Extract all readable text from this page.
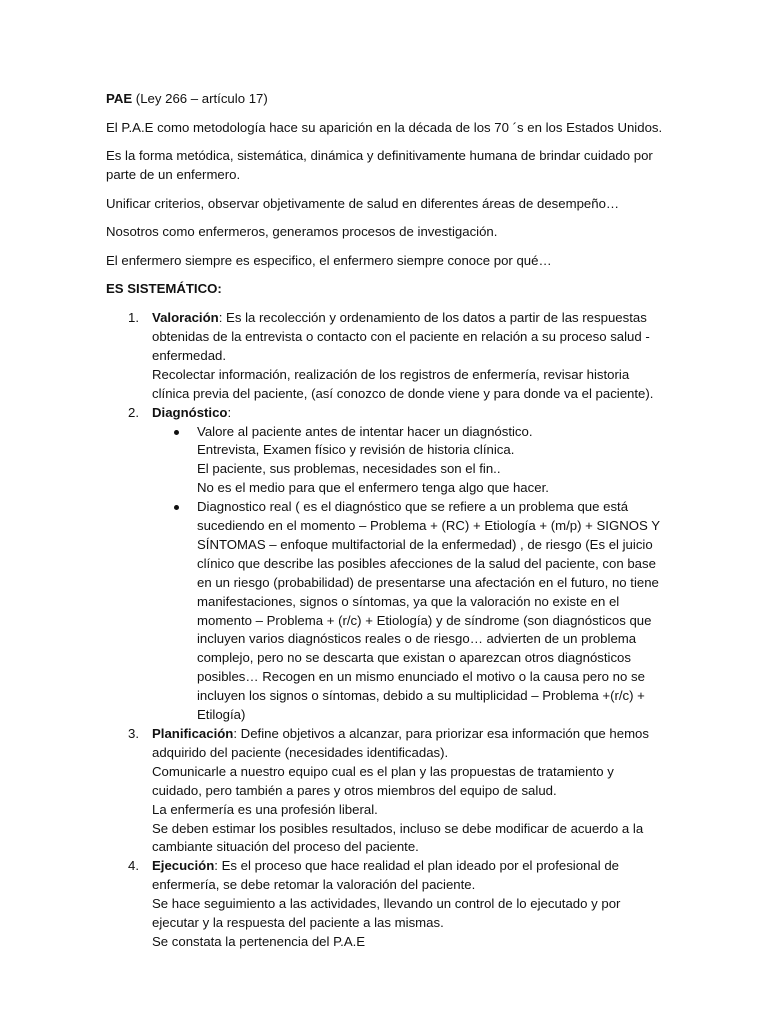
PAE (Ley 266 – artículo 17)

El P.A.E como metodología hace su aparición en la década de los 70 ´s en los Estados Unidos.

Es la forma metódica, sistemática, dinámica y definitivamente humana de brindar cuidado por parte de un enfermero.

Unificar criterios, observar objetivamente de salud en diferentes áreas de desempeño…

Nosotros como enfermeros, generamos procesos de investigación.

El enfermero siempre es especifico, el enfermero siempre conoce por qué…

ES SISTEMÁTICO:

1. Valoración: Es la recolección y ordenamiento de los datos a partir de las respuestas obtenidas de la entrevista o contacto con el paciente en relación a su proceso salud - enfermedad.
Recolectar información, realización de los registros de enfermería, revisar historia clínica previa del paciente, (así conozco de donde viene y para donde va el paciente).
2. Diagnóstico:
Valore al paciente antes de intentar hacer un diagnóstico.
Entrevista, Examen físico y revisión de historia clínica.
El paciente, sus problemas, necesidades son el fin..
No es el medio para que el enfermero tenga algo que hacer.
Diagnostico real ( es el diagnóstico que se refiere a un problema que está sucediendo en el momento – Problema + (RC) + Etiología + (m/p) + SIGNOS Y SÍNTOMAS – enfoque multifactorial de la enfermedad) , de riesgo (Es el juicio clínico que describe las posibles afecciones de la salud del paciente, con base en un riesgo (probabilidad) de presentarse una afectación en el futuro, no tiene manifestaciones, signos o síntomas, ya que la valoración no existe en el momento – Problema + (r/c) + Etiología) y de síndrome (son diagnósticos que incluyen varios diagnósticos reales o de riesgo… advierten de un problema complejo, pero no se descarta que existan o aparezcan otros diagnósticos posibles… Recogen en un mismo enunciado el motivo o la causa pero no se incluyen los signos o síntomas, debido a su multiplicidad – Problema +(r/c) + Etilogía)
3. Planificación: Define objetivos a alcanzar, para priorizar esa información que hemos adquirido del paciente (necesidades identificadas).
Comunicarle a nuestro equipo cual es el plan y las propuestas de tratamiento y cuidado, pero también a pares y otros miembros del equipo de salud.
La enfermería es una profesión liberal.
Se deben estimar los posibles resultados, incluso se debe modificar de acuerdo a la cambiante situación del proceso del paciente.
4. Ejecución: Es el proceso que hace realidad el plan ideado por el profesional de enfermería, se debe retomar la valoración del paciente.
Se hace seguimiento a las actividades, llevando un control de lo ejecutado y por ejecutar y la respuesta del paciente a las mismas.
Se constata la pertenencia del P.A.E
